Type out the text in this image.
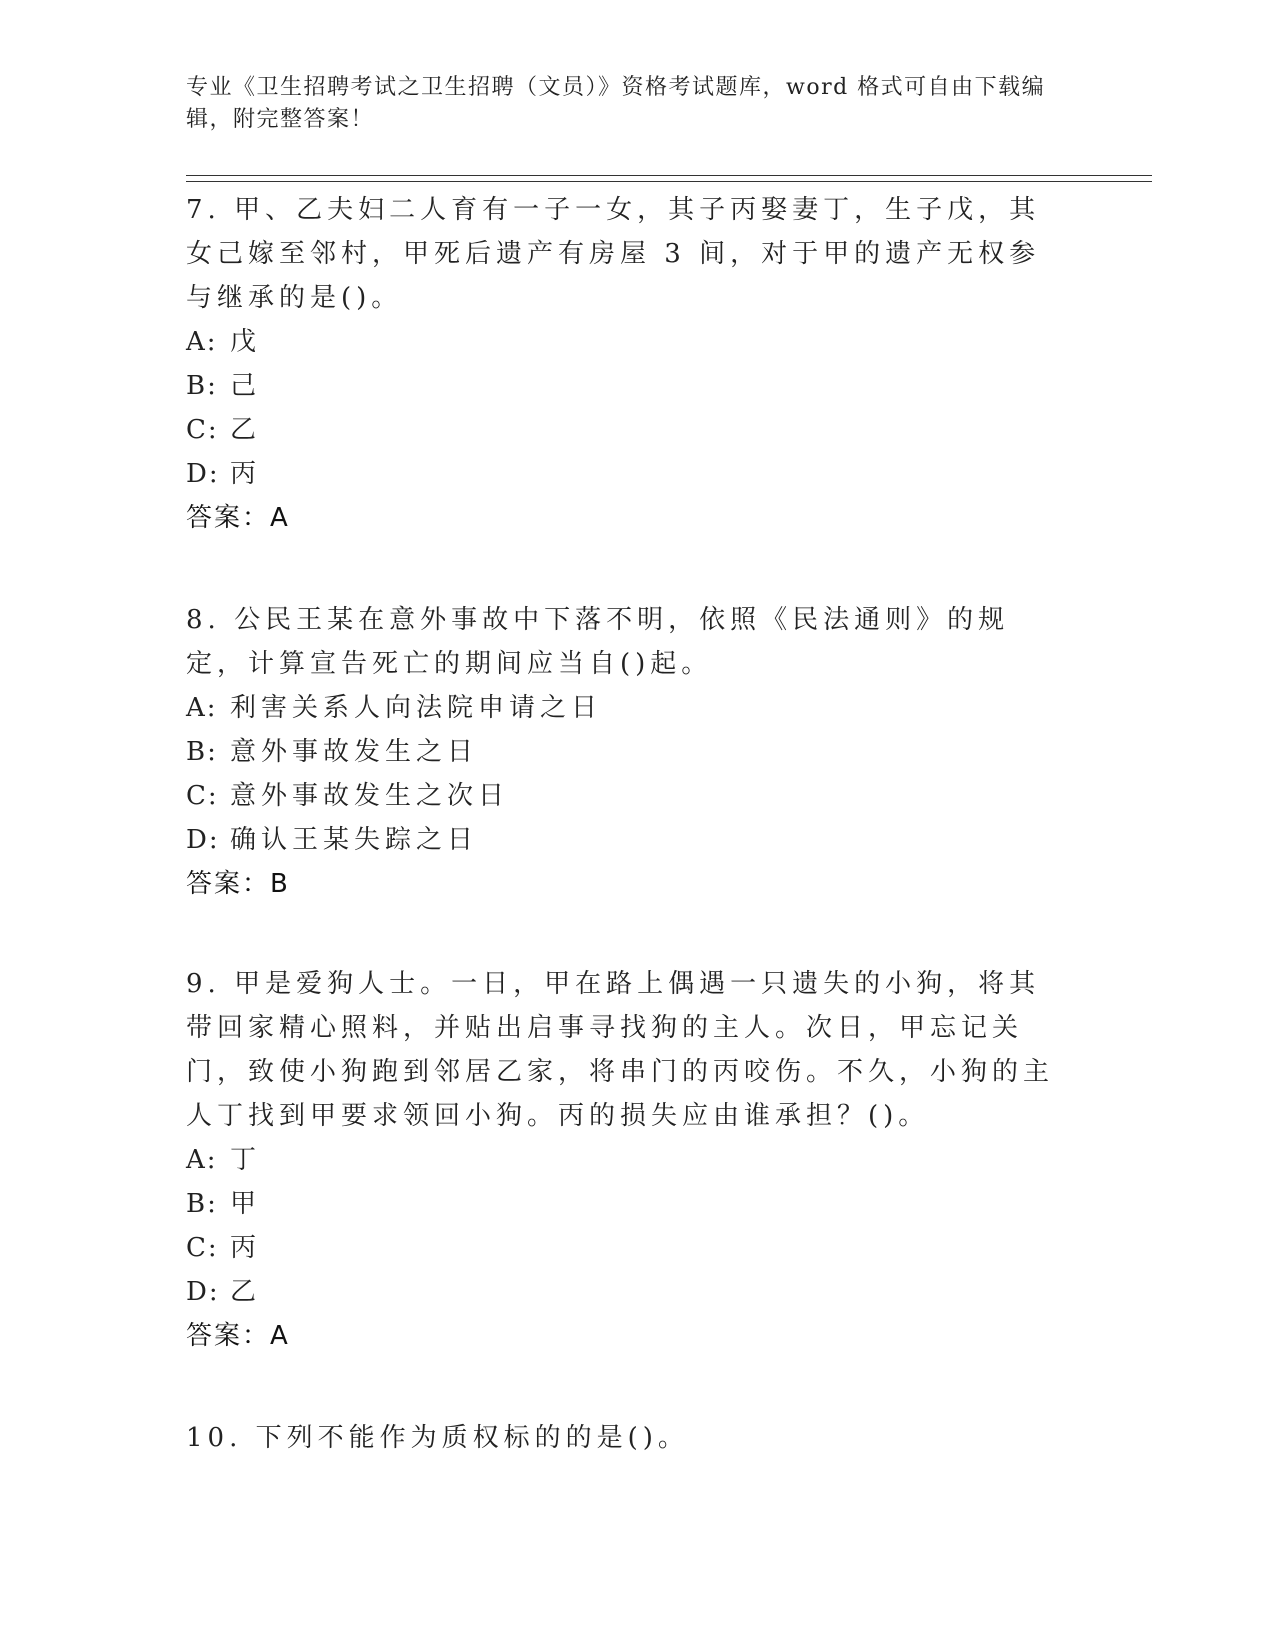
专业《卫生招聘考试之卫生招聘（文员）》资格考试题库，word 格式可自由下载编辑，附完整答案！
7. 甲、乙夫妇二人育有一子一女，其子丙娶妻丁，生子戊，其女己嫁至邻村，甲死后遗产有房屋 3 间，对于甲的遗产无权参与继承的是()。
A: 戊
B: 己
C: 乙
D: 丙
答案：A
8. 公民王某在意外事故中下落不明，依照《民法通则》的规定，计算宣告死亡的期间应当自()起。
A: 利害关系人向法院申请之日
B: 意外事故发生之日
C: 意外事故发生之次日
D: 确认王某失踪之日
答案：B
9. 甲是爱狗人士。一日，甲在路上偶遇一只遗失的小狗，将其带回家精心照料，并贴出启事寻找狗的主人。次日，甲忘记关门，致使小狗跑到邻居乙家，将串门的丙咬伤。不久，小狗的主人丁找到甲要求领回小狗。丙的损失应由谁承担？()。
A: 丁
B: 甲
C: 丙
D: 乙
答案：A
10. 下列不能作为质权标的的是()。
